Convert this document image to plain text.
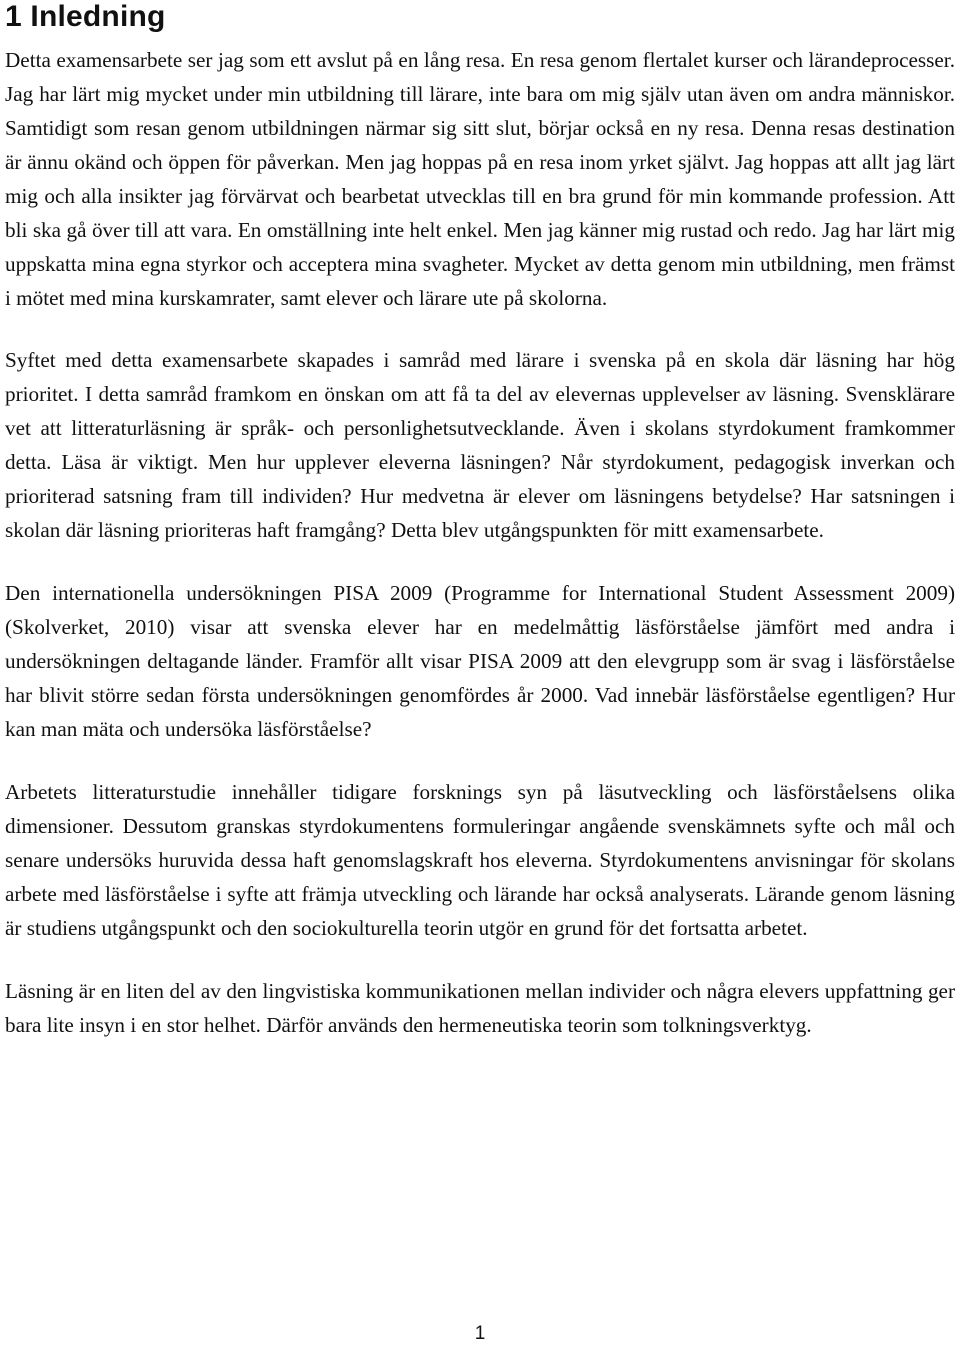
1 Inledning

Detta examensarbete ser jag som ett avslut på en lång resa. En resa genom flertalet kurser och lärandeprocesser. Jag har lärt mig mycket under min utbildning till lärare, inte bara om mig själv utan även om andra människor. Samtidigt som resan genom utbildningen närmar sig sitt slut, börjar också en ny resa. Denna resas destination är ännu okänd och öppen för påverkan. Men jag hoppas på en resa inom yrket självt. Jag hoppas att allt jag lärt mig och alla insikter jag förvärvat och bearbetat utvecklas till en bra grund för min kommande profession. Att bli ska gå över till att vara. En omställning inte helt enkel. Men jag känner mig rustad och redo. Jag har lärt mig uppskatta mina egna styrkor och acceptera mina svagheter. Mycket av detta genom min utbildning, men främst i mötet med mina kurskamrater, samt elever och lärare ute på skolorna.

Syftet med detta examensarbete skapades i samråd med lärare i svenska på en skola där läsning har hög prioritet. I detta samråd framkom en önskan om att få ta del av elevernas upplevelser av läsning. Svensklärare vet att litteraturläsning är språk- och personlighetsutvecklande. Även i skolans styrdokument framkommer detta. Läsa är viktigt. Men hur upplever eleverna läsningen? Når styrdokument, pedagogisk inverkan och prioriterad satsning fram till individen? Hur medvetna är elever om läsningens betydelse? Har satsningen i skolan där läsning prioriteras haft framgång? Detta blev utgångspunkten för mitt examensarbete.

Den internationella undersökningen PISA 2009 (Programme for International Student Assessment 2009) (Skolverket, 2010) visar att svenska elever har en medelmåttig läsförståelse jämfört med andra i undersökningen deltagande länder. Framför allt visar PISA 2009 att den elevgrupp som är svag i läsförståelse har blivit större sedan första undersökningen genomfördes år 2000. Vad innebär läsförståelse egentligen? Hur kan man mäta och undersöka läsförståelse?

Arbetets litteraturstudie innehåller tidigare forsknings syn på läsutveckling och läsförståelsens olika dimensioner. Dessutom granskas styrdokumentens formuleringar angående svenskämnets syfte och mål och senare undersöks huruvida dessa haft genomslagskraft hos eleverna. Styrdokumentens anvisningar för skolans arbete med läsförståelse i syfte att främja utveckling och lärande har också analyserats. Lärande genom läsning är studiens utgångspunkt och den sociokulturella teorin utgör en grund för det fortsatta arbetet.

Läsning är en liten del av den lingvistiska kommunikationen mellan individer och några elevers uppfattning ger bara lite insyn i en stor helhet. Därför används den hermeneutiska teorin som tolkningsverktyg.

1
